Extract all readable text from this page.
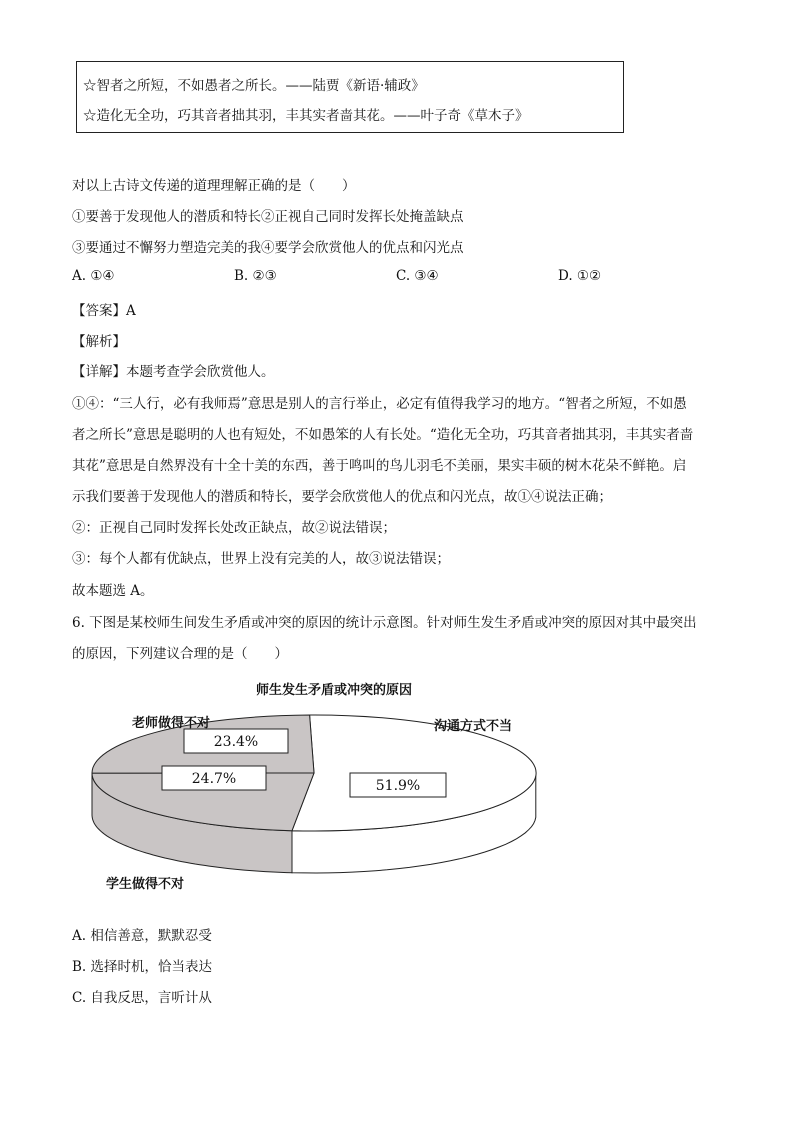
☆智者之所短，不如愚者之所长。——陆贾《新语·辅政》
☆造化无全功，巧其音者拙其羽，丰其实者啬其花。——叶子奇《草木子》
对以上古诗文传递的道理理解正确的是（　　）
①要善于发现他人的潜质和特长②正视自己同时发挥长处掩盖缺点
③要通过不懈努力塑造完美的我④要学会欣赏他人的优点和闪光点
A. ①④	B. ②③	C. ③④	D. ①②
【答案】A
【解析】
【详解】本题考查学会欣赏他人。
①④：“三人行，必有我师焉”意思是别人的言行举止，必定有值得我学习的地方。“智者之所短，不如愚
者之所长”意思是聪明的人也有短处，不如愚笨的人有长处。“造化无全功，巧其音者拙其羽，丰其实者啬
其花”意思是自然界没有十全十美的东西，善于鸣叫的鸟儿羽毛不美丽，果实丰硕的树木花朵不鲜艳。启
示我们要善于发现他人的潜质和特长，要学会欣赏他人的优点和闪光点，故①④说法正确；
②：正视自己同时发挥长处改正缺点，故②说法错误；
③：每个人都有优缺点，世界上没有完美的人，故③说法错误；
故本题选 A。
6. 下图是某校师生间发生矛盾或冲突的原因的统计示意图。针对师生发生矛盾或冲突的原因对其中最突出
的原因，下列建议合理的是（　　）
师生发生矛盾或冲突的原因
51.9%
23.4%
24.7%
沟通方式不当
老师做得不对
学生做得不对
A. 相信善意，默默忍受
B. 选择时机，恰当表达
C. 自我反思，言听计从
